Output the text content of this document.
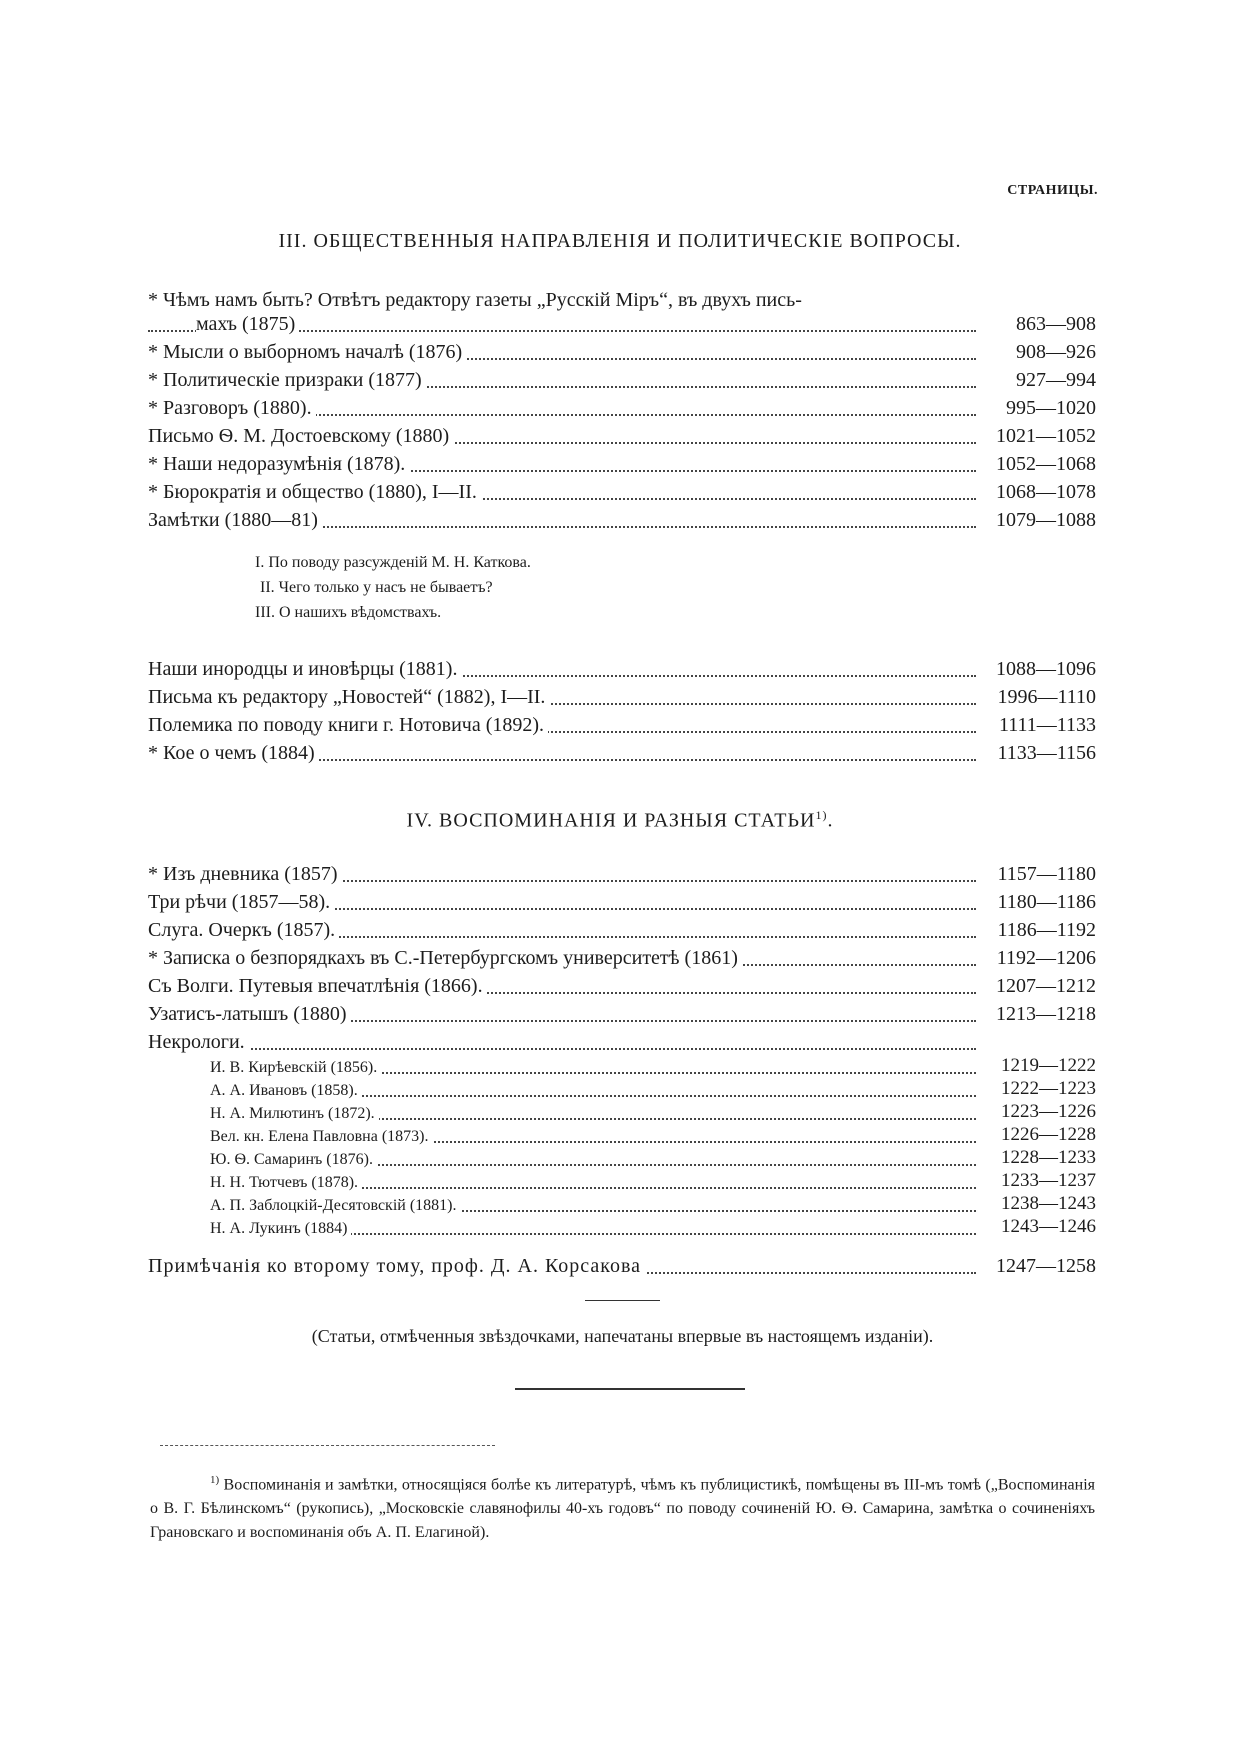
СТРАНИЦЫ.
III. ОБЩЕСТВЕННЫЯ НАПРАВЛЕНІЯ И ПОЛИТИЧЕСКІЕ ВОПРОСЫ.
* Чѣмъ намъ быть? Отвѣтъ редактору газеты „Русскій Міръ“, въ двухъ пись-
махъ (1875)	863—908
* Мысли о выборномъ началѣ (1876)	908—926
* Политическіе призраки (1877)	927—994
* Разговоръ (1880).	995—1020
Письмо Ѳ. М. Достоевскому (1880)	1021—1052
* Наши недоразумѣнія (1878).	1052—1068
* Бюрократія и общество (1880), I—II.	1068—1078
Замѣтки (1880—81)	1079—1088
I. По поводу разсужденій М. Н. Каткова.
II. Чего только у насъ не бываетъ?
III. О нашихъ вѣдомствахъ.
Наши инородцы и иновѣрцы (1881).	1088—1096
Письма къ редактору „Новостей“ (1882), I—II.	1996—1110
Полемика по поводу книги г. Нотовича (1892).	1111—1133
* Кое о чемъ (1884)	1133—1156
IV. ВОСПОМИНАНІЯ И РАЗНЫЯ СТАТЬИ$^{1)}$.
* Изъ дневника (1857)	1157—1180
Три рѣчи (1857—58).	1180—1186
Слуга. Очеркъ (1857).	1186—1192
* Записка о безпорядкахъ въ С.-Петербургскомъ университетѣ (1861)	1192—1206
Съ Волги. Путевыя впечатлѣнія (1866).	1207—1212
Узатисъ-латышъ (1880)	1213—1218
Некрологи.
И. В. Кирѣевскій (1856).	1219—1222
А. А. Ивановъ (1858).	1222—1223
Н. А. Милютинъ (1872).	1223—1226
Вел. кн. Елена Павловна (1873).	1226—1228
Ю. Ѳ. Самаринъ (1876).	1228—1233
Н. Н. Тютчевъ (1878).	1233—1237
А. П. Заблоцкій-Десятовскій (1881).	1238—1243
Н. А. Лукинъ (1884)	1243—1246
Примѣчанія ко второму тому, проф. Д. А. Корсакова	1247—1258
(Статьи, отмѣченныя звѣздочками, напечатаны впервые въ настоящемъ изданіи).

$^{1)}$ Воспоминанія и замѣтки, относящіяся болѣе къ литературѣ, чѣмъ къ публицистикѣ, помѣщены въ III-мъ томѣ („Воспоминанія о В. Г. Бѣлинскомъ“ (рукопись), „Московскіе славянофилы 40-хъ годовъ“ по поводу сочиненій Ю. Ѳ. Самарина, замѣтка о сочиненіяхъ Грановскаго и воспоминанія объ А. П. Елагиной).
